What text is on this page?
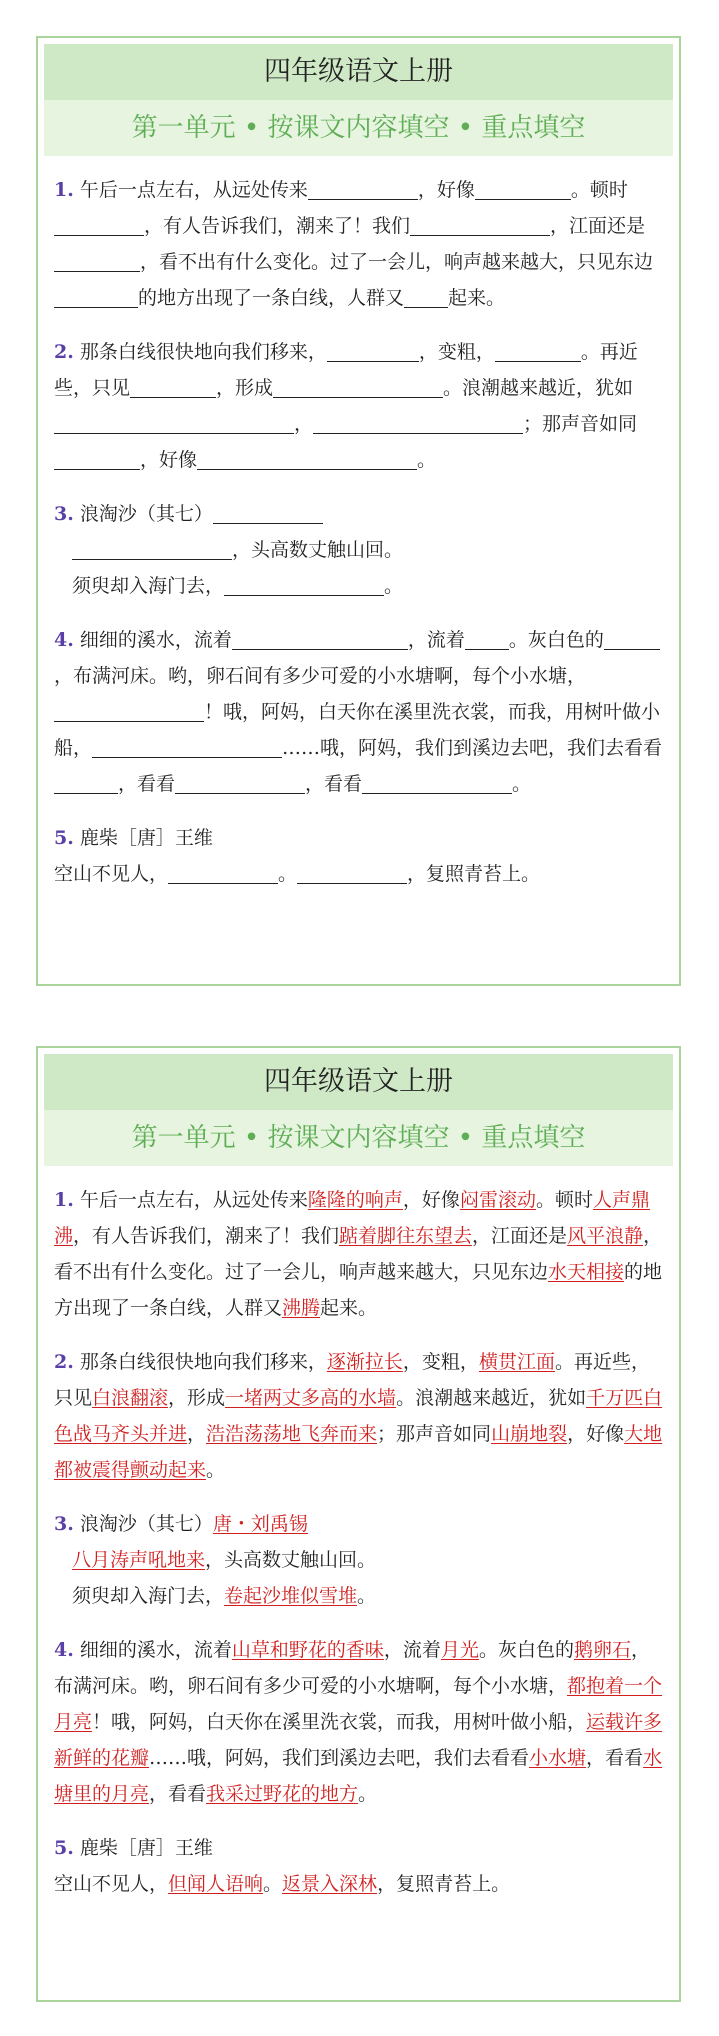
四年级语文上册
第一单元 • 按课文内容填空 • 重点填空
1. 午后一点左右，从远处传来	，好像	。顿时，有人告诉我们，潮来了！我们	，江面还是，看不出有什么变化。过了一会儿，响声越来越大，只见东边的地方出现了一条白线，人群又 起来。
2. 那条白线很快地向我们移来，	，变粗，	。再近些，只见	，形成	。浪潮越来越近，犹如，	；那声音如同，好像	。
3. 浪淘沙（其七）
，头高数丈触山回。
须臾却入海门去，	。
4. 细细的溪水，流着	，流着 。灰白色的，布满河床。哟，卵石间有多少可爱的小水塘啊，每个小水塘，！哦，阿妈，白天你在溪里洗衣裳，而我，用树叶做小船，	……哦，阿妈，我们到溪边去吧，我们去看看，看看	，看看	。
5. 鹿柴［唐］王维
空山不见人，	。	，复照青苔上。
四年级语文上册
第一单元 • 按课文内容填空 • 重点填空
1. 午后一点左右，从远处传来隆隆的响声，好像闷雷滚动。顿时人声鼎沸，有人告诉我们，潮来了！我们踮着脚往东望去，江面还是风平浪静，看不出有什么变化。过了一会儿，响声越来越大，只见东边水天相接的地方出现了一条白线，人群又沸腾起来。
2. 那条白线很快地向我们移来，逐渐拉长，变粗，横贯江面。再近些，只见白浪翻滚，形成一堵两丈多高的水墙。浪潮越来越近，犹如千万匹白色战马齐头并进，浩浩荡荡地飞奔而来；那声音如同山崩地裂，好像大地都被震得颤动起来。
3. 浪淘沙（其七）唐・刘禹锡
八月涛声吼地来，头高数丈触山回。
须臾却入海门去，卷起沙堆似雪堆。
4. 细细的溪水，流着山草和野花的香味，流着月光。灰白色的鹅卵石，布满河床。哟，卵石间有多少可爱的小水塘啊，每个小水塘，都抱着一个月亮！哦，阿妈，白天你在溪里洗衣裳，而我，用树叶做小船，运载许多新鲜的花瓣……哦，阿妈，我们到溪边去吧，我们去看看小水塘，看看水塘里的月亮，看看我采过野花的地方。
5. 鹿柴［唐］王维
空山不见人，但闻人语响。返景入深林，复照青苔上。
